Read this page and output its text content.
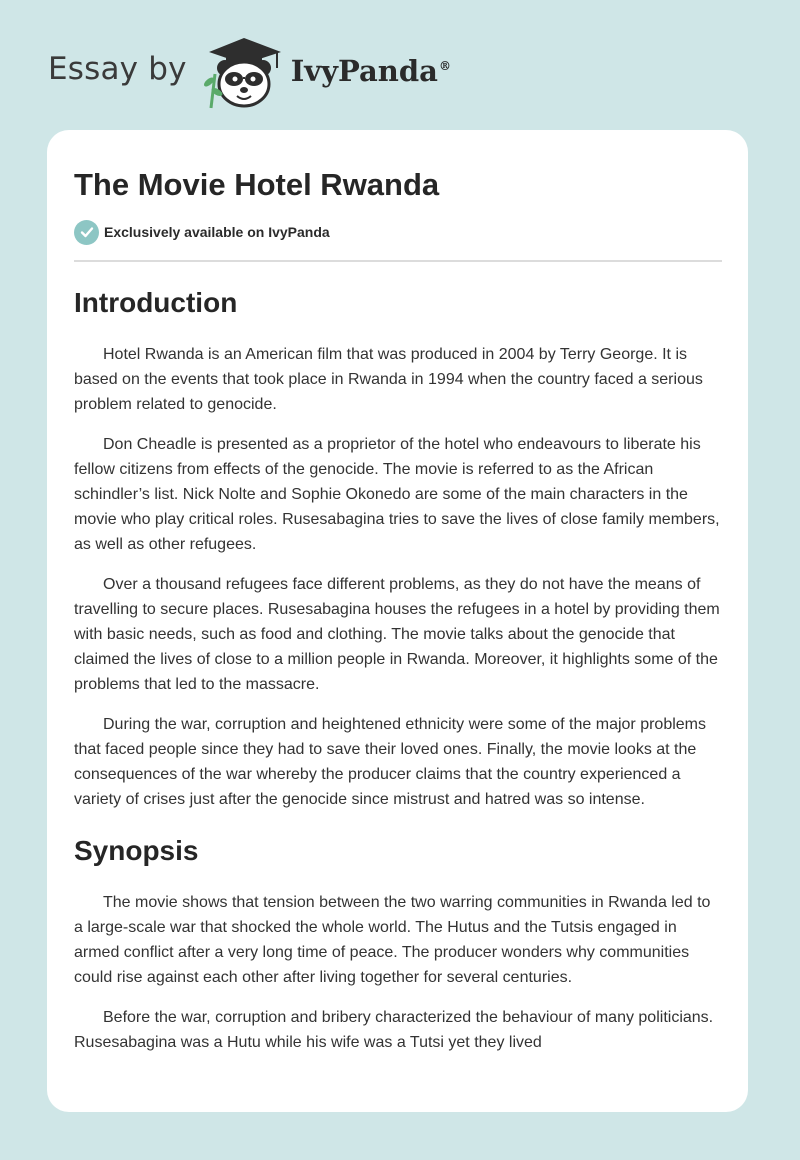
Essay by	IvyPanda®
The Movie Hotel Rwanda
Exclusively available on IvyPanda
Introduction

Hotel Rwanda is an American film that was produced in 2004 by Terry George. It is based on the events that took place in Rwanda in 1994 when the country faced a serious problem related to genocide.

Don Cheadle is presented as a proprietor of the hotel who endeavours to liberate his fellow citizens from effects of the genocide. The movie is referred to as the African schindler’s list. Nick Nolte and Sophie Okonedo are some of the main characters in the movie who play critical roles. Rusesabagina tries to save the lives of close family members, as well as other refugees.

Over a thousand refugees face different problems, as they do not have the means of travelling to secure places. Rusesabagina houses the refugees in a hotel by providing them with basic needs, such as food and clothing. The movie talks about the genocide that claimed the lives of close to a million people in Rwanda. Moreover, it highlights some of the problems that led to the massacre.

During the war, corruption and heightened ethnicity were some of the major problems that faced people since they had to save their loved ones. Finally, the movie looks at the consequences of the war whereby the producer claims that the country experienced a variety of crises just after the genocide since mistrust and hatred was so intense.

Synopsis

The movie shows that tension between the two warring communities in Rwanda led to a large-scale war that shocked the whole world. The Hutus and the Tutsis engaged in armed conflict after a very long time of peace. The producer wonders why communities could rise against each other after living together for several centuries.

Before the war, corruption and bribery characterized the behaviour of many politicians. Rusesabagina was a Hutu while his wife was a Tutsi yet they lived
